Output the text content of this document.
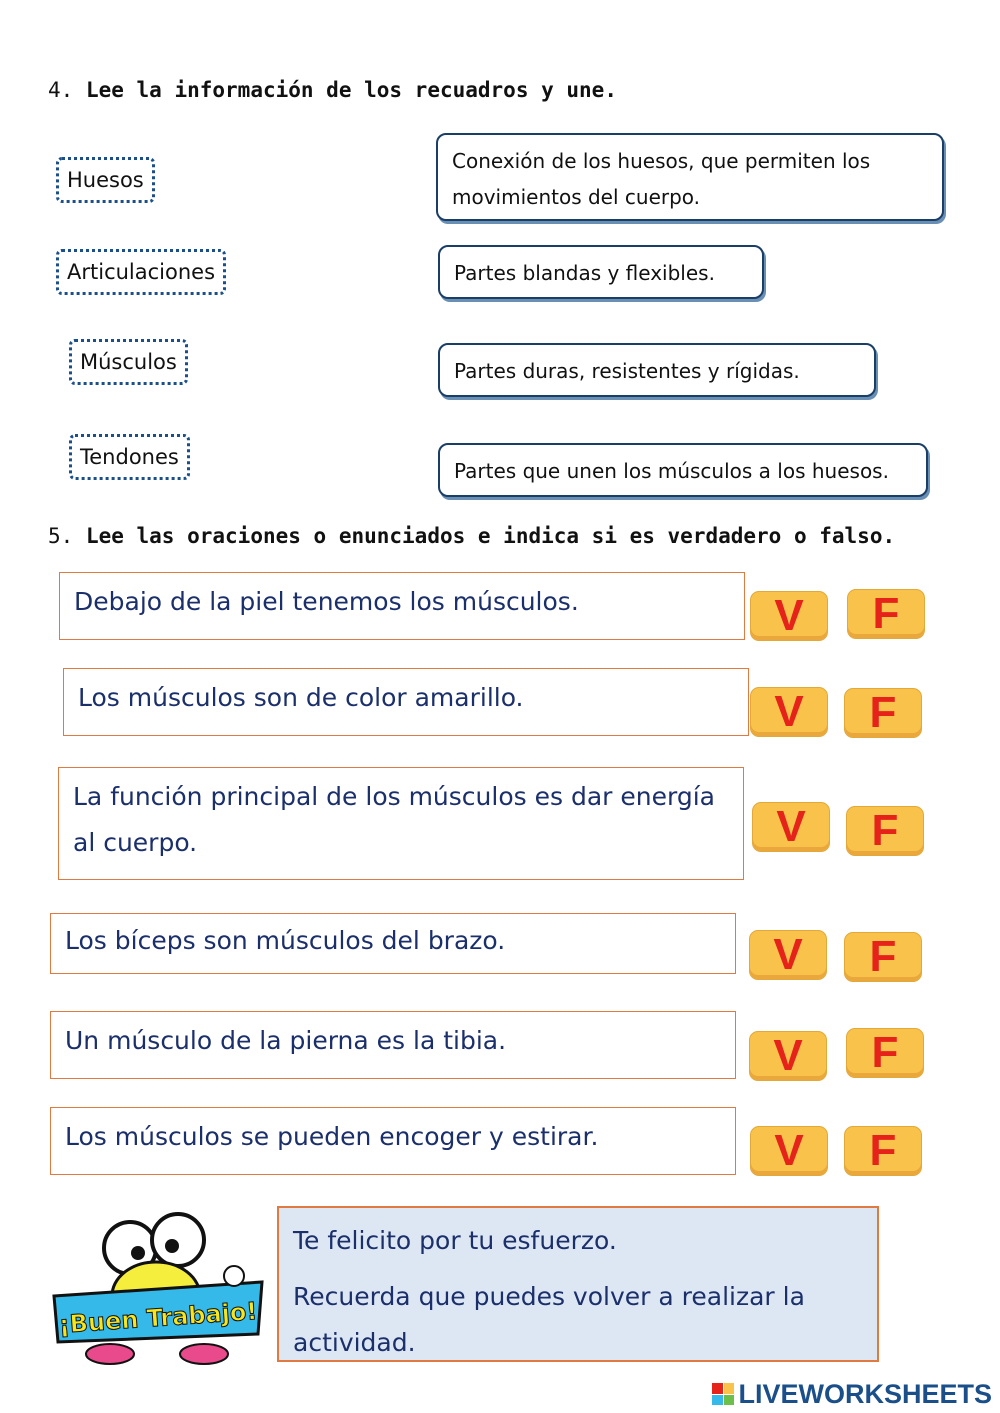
4. Lee la información de los recuadros y une.
Huesos
Articulaciones
Músculos
Tendones
Conexión de los huesos, que permiten los movimientos del cuerpo.
Partes blandas y flexibles.
Partes duras, resistentes y rígidas.
Partes que unen los músculos a los huesos.
5. Lee las oraciones o enunciados e indica si es verdadero o falso.
Debajo de la piel tenemos los músculos.	V	F
Los músculos son de color amarillo.	V	F
La función principal de los músculos es dar energía al cuerpo.	V	F
Los bíceps son músculos del brazo.	V	F
Un músculo de la pierna es la tibia.	V	F
Los músculos se pueden encoger y estirar.	V	F
¡Buen Trabajo!

Te felicito por tu esfuerzo.

Recuerda que puedes volver a realizar la actividad.

LIVEWORKSHEETS
